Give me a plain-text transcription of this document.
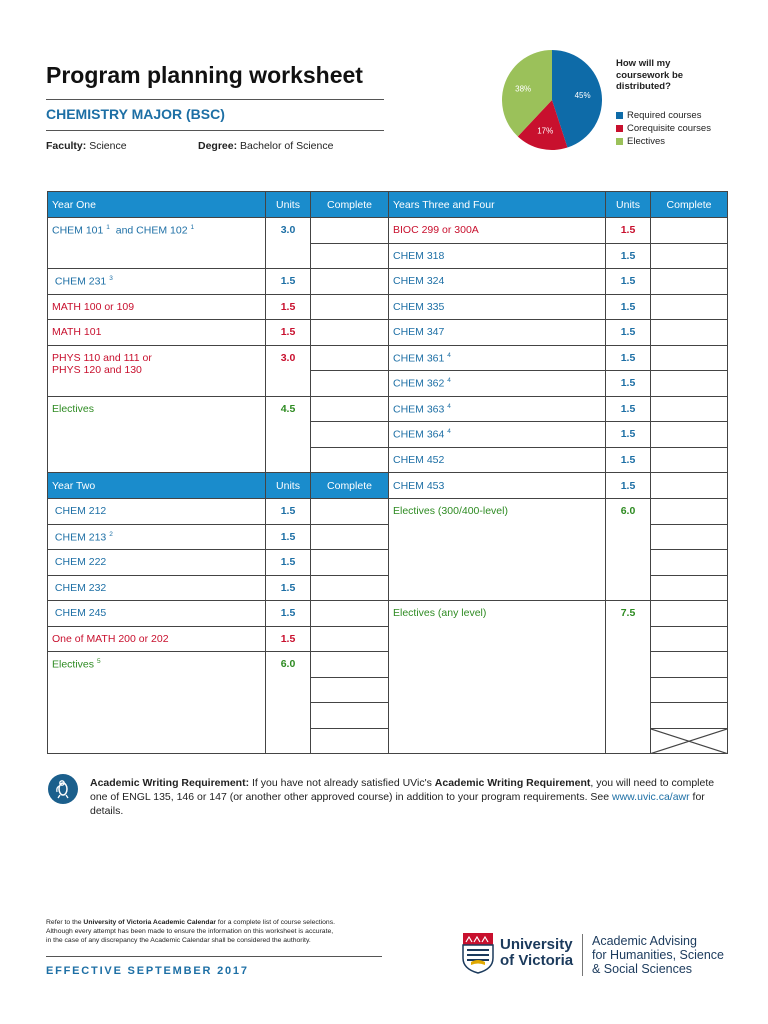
Program planning worksheet
CHEMISTRY MAJOR (BSC)
Faculty: Science	Degree: Bachelor of Science
45%
17%
38%
How will my coursework be distributed?
Required courses
Corequisite courses
Electives
Year One	Units	Complete	Years Three and Four	Units	Complete
CHEM 101 $^1$ and CHEM 102 $^1$	3.0		BIOC 299 or 300A	1.5	
			CHEM 318	1.5	
CHEM 231 $^3$	1.5		CHEM 324	1.5	
MATH 100 or 109	1.5		CHEM 335	1.5	
MATH 101	1.5		CHEM 347	1.5	
PHYS 110 and 111 or
PHYS 120 and 130	3.0		CHEM 361 $^4$	1.5	
			CHEM 362 $^4$	1.5	
Electives	4.5		CHEM 363 $^4$	1.5	
			CHEM 364 $^4$	1.5	
			CHEM 452	1.5	
Year Two	Units	Complete	CHEM 453	1.5	
CHEM 212	1.5		Electives (300/400-level)	6.0	
CHEM 213 $^2$	1.5				
CHEM 222	1.5				
CHEM 232	1.5				
CHEM 245	1.5		Electives (any level)	7.5	
One of MATH 200 or 202	1.5				
Electives $^5$	6.0				

Academic Writing Requirement: If you have not already satisfied UVic's Academic Writing Requirement, you will need to complete one of ENGL 135, 146 or 147 (or another other approved course) in addition to your program requirements. See www.uvic.ca/awr for details.
Refer to the University of Victoria Academic Calendar for a complete list of course selections.
Although every attempt has been made to ensure the information on this worksheet is accurate,
in the case of any discrepancy the Academic Calendar shall be considered the authority.
EFFECTIVE SEPTEMBER 2017
University
of Victoria
Academic Advising
for Humanities, Science
& Social Sciences
